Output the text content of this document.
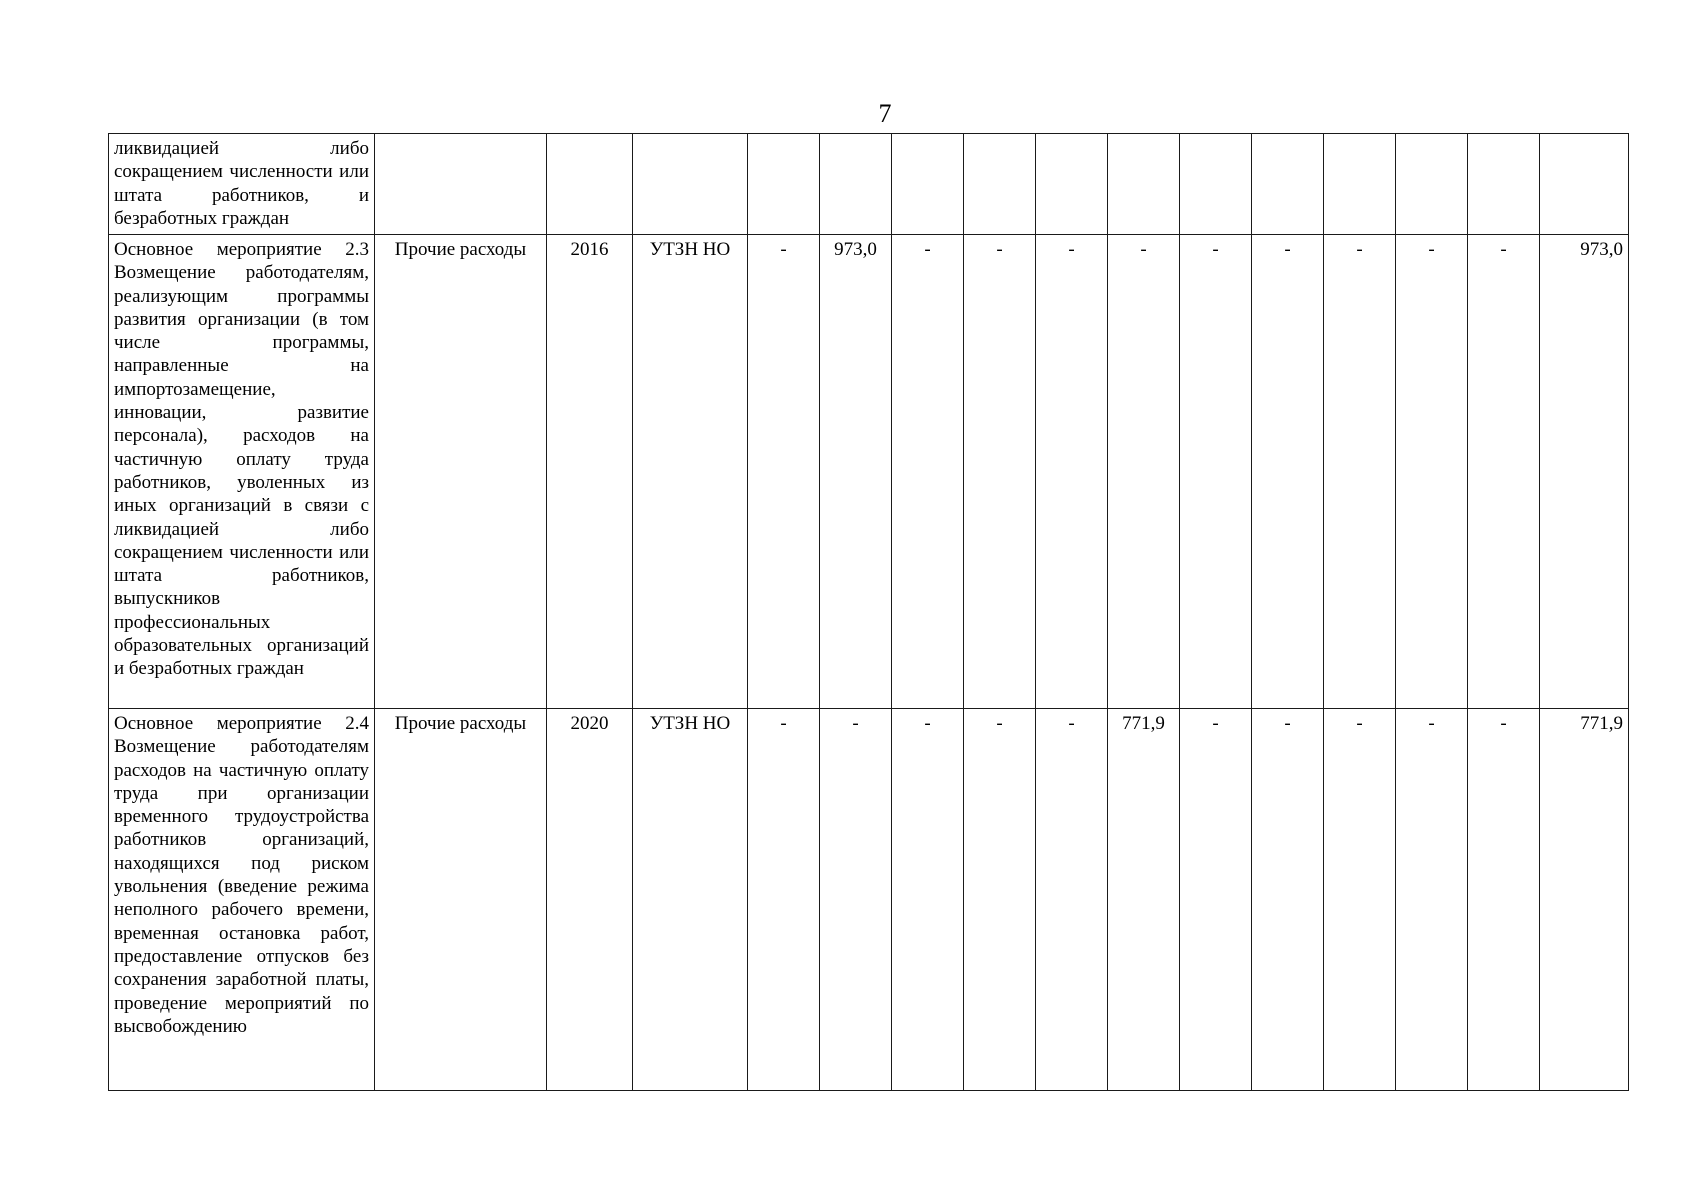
7
ликвидацией либо сокращением численности или штата работников, и безработных граждан															
Основное мероприятие 2.3 Возмещение работодателям, реализующим программы развития организации (в том числе программы, направленные на импортозамещение, инновации, развитие персонала), расходов на частичную оплату труда работников, уволенных из иных организаций в связи с ликвидацией либо сокращением численности или штата работников, выпускников профессиональных образовательных организаций и безработных граждан	Прочие расходы	2016	УТЗН НО	-	973,0	-	-	-	-	-	-	-	-	-	973,0
Основное мероприятие 2.4 Возмещение работодателям расходов на частичную оплату труда при организации временного трудоустройства работников организаций, находящихся под риском увольнения (введение режима неполного рабочего времени, временная остановка работ, предоставление отпусков без сохранения заработной платы, проведение мероприятий по высвобождению	Прочие расходы	2020	УТЗН НО	-	-	-	-	-	771,9	-	-	-	-	-	771,9
